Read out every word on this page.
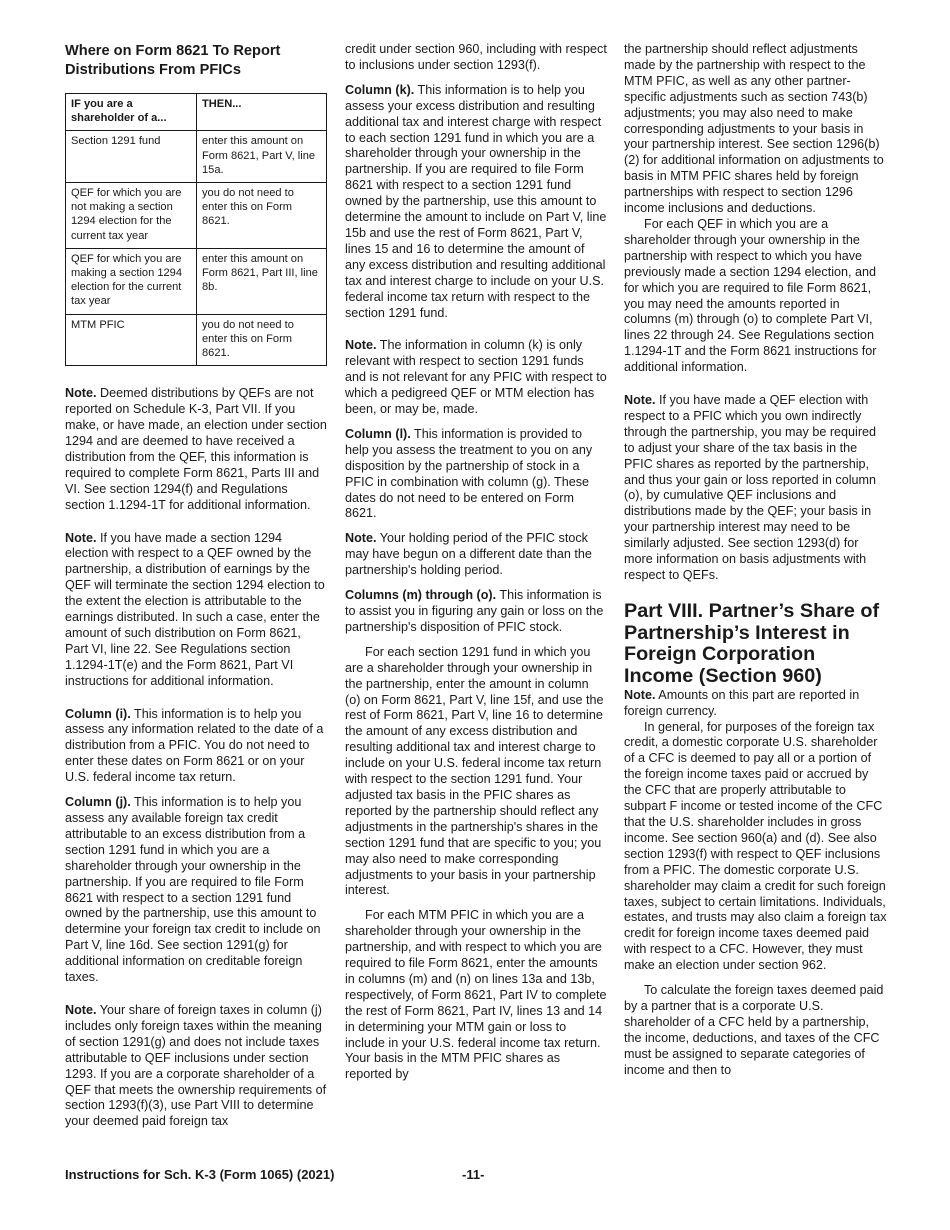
Where on Form 8621 To Report Distributions From PFICs
IF you are a shareholder of a...	THEN...
Section 1291 fund	enter this amount on Form 8621, Part V, line 15a.
QEF for which you are not making a section 1294 election for the current tax year	you do not need to enter this on Form 8621.
QEF for which you are making a section 1294 election for the current tax year	enter this amount on Form 8621, Part III, line 8b.
MTM PFIC	you do not need to enter this on Form 8621.

Note. Deemed distributions by QEFs are not reported on Schedule K-3, Part VII. If you make, or have made, an election under section 1294 and are deemed to have received a distribution from the QEF, this information is required to complete Form 8621, Parts III and VI. See section 1294(f) and Regulations section 1.1294-1T for additional information.

Note. If you have made a section 1294 election with respect to a QEF owned by the partnership, a distribution of earnings by the QEF will terminate the section 1294 election to the extent the election is attributable to the earnings distributed. In such a case, enter the amount of such distribution on Form 8621, Part VI, line 22. See Regulations section 1.1294-1T(e) and the Form 8621, Part VI instructions for additional information.

Column (i). This information is to help you assess any information related to the date of a distribution from a PFIC. You do not need to enter these dates on Form 8621 or on your U.S. federal income tax return.

Column (j). This information is to help you assess any available foreign tax credit attributable to an excess distribution from a section 1291 fund in which you are a shareholder through your ownership in the partnership. If you are required to file Form 8621 with respect to a section 1291 fund owned by the partnership, use this amount to determine your foreign tax credit to include on Part V, line 16d. See section 1291(g) for additional information on creditable foreign taxes.

Note. Your share of foreign taxes in column (j) includes only foreign taxes within the meaning of section 1291(g) and does not include taxes attributable to QEF inclusions under section 1293. If you are a corporate shareholder of a QEF that meets the ownership requirements of section 1293(f)(3), use Part VIII to determine your deemed paid foreign tax

credit under section 960, including with respect to inclusions under section 1293(f).

Column (k). This information is to help you assess your excess distribution and resulting additional tax and interest charge with respect to each section 1291 fund in which you are a shareholder through your ownership in the partnership. If you are required to file Form 8621 with respect to a section 1291 fund owned by the partnership, use this amount to determine the amount to include on Part V, line 15b and use the rest of Form 8621, Part V, lines 15 and 16 to determine the amount of any excess distribution and resulting additional tax and interest charge to include on your U.S. federal income tax return with respect to the section 1291 fund.

Note. The information in column (k) is only relevant with respect to section 1291 funds and is not relevant for any PFIC with respect to which a pedigreed QEF or MTM election has been, or may be, made.

Column (l). This information is provided to help you assess the treatment to you on any disposition by the partnership of stock in a PFIC in combination with column (g). These dates do not need to be entered on Form 8621.

Note. Your holding period of the PFIC stock may have begun on a different date than the partnership's holding period.

Columns (m) through (o). This information is to assist you in figuring any gain or loss on the partnership's disposition of PFIC stock.

For each section 1291 fund in which you are a shareholder through your ownership in the partnership, enter the amount in column (o) on Form 8621, Part V, line 15f, and use the rest of Form 8621, Part V, line 16 to determine the amount of any excess distribution and resulting additional tax and interest charge to include on your U.S. federal income tax return with respect to the section 1291 fund. Your adjusted tax basis in the PFIC shares as reported by the partnership should reflect any adjustments in the partnership's shares in the section 1291 fund that are specific to you; you may also need to make corresponding adjustments to your basis in your partnership interest.

For each MTM PFIC in which you are a shareholder through your ownership in the partnership, and with respect to which you are required to file Form 8621, enter the amounts in columns (m) and (n) on lines 13a and 13b, respectively, of Form 8621, Part IV to complete the rest of Form 8621, Part IV, lines 13 and 14 in determining your MTM gain or loss to include in your U.S. federal income tax return. Your basis in the MTM PFIC shares as reported by

the partnership should reflect adjustments made by the partnership with respect to the MTM PFIC, as well as any other partner-specific adjustments such as section 743(b) adjustments; you may also need to make corresponding adjustments to your basis in your partnership interest. See section 1296(b)(2) for additional information on adjustments to basis in MTM PFIC shares held by foreign partnerships with respect to section 1296 income inclusions and deductions.

For each QEF in which you are a shareholder through your ownership in the partnership with respect to which you have previously made a section 1294 election, and for which you are required to file Form 8621, you may need the amounts reported in columns (m) through (o) to complete Part VI, lines 22 through 24. See Regulations section 1.1294-1T and the Form 8621 instructions for additional information.

Note. If you have made a QEF election with respect to a PFIC which you own indirectly through the partnership, you may be required to adjust your share of the tax basis in the PFIC shares as reported by the partnership, and thus your gain or loss reported in column (o), by cumulative QEF inclusions and distributions made by the QEF; your basis in your partnership interest may need to be similarly adjusted. See section 1293(d) for more information on basis adjustments with respect to QEFs.

Part VIII. Partner’s Share of Partnership’s Interest in Foreign Corporation Income (Section 960)

Note. Amounts on this part are reported in foreign currency.

In general, for purposes of the foreign tax credit, a domestic corporate U.S. shareholder of a CFC is deemed to pay all or a portion of the foreign income taxes paid or accrued by the CFC that are properly attributable to subpart F income or tested income of the CFC that the U.S. shareholder includes in gross income. See section 960(a) and (d). See also section 1293(f) with respect to QEF inclusions from a PFIC. The domestic corporate U.S. shareholder may claim a credit for such foreign taxes, subject to certain limitations. Individuals, estates, and trusts may also claim a foreign tax credit for foreign income taxes deemed paid with respect to a CFC. However, they must make an election under section 962.

To calculate the foreign taxes deemed paid by a partner that is a corporate U.S. shareholder of a CFC held by a partnership, the income, deductions, and taxes of the CFC must be assigned to separate categories of income and then to

Instructions for Sch. K-3 (Form 1065) (2021)	-11-
